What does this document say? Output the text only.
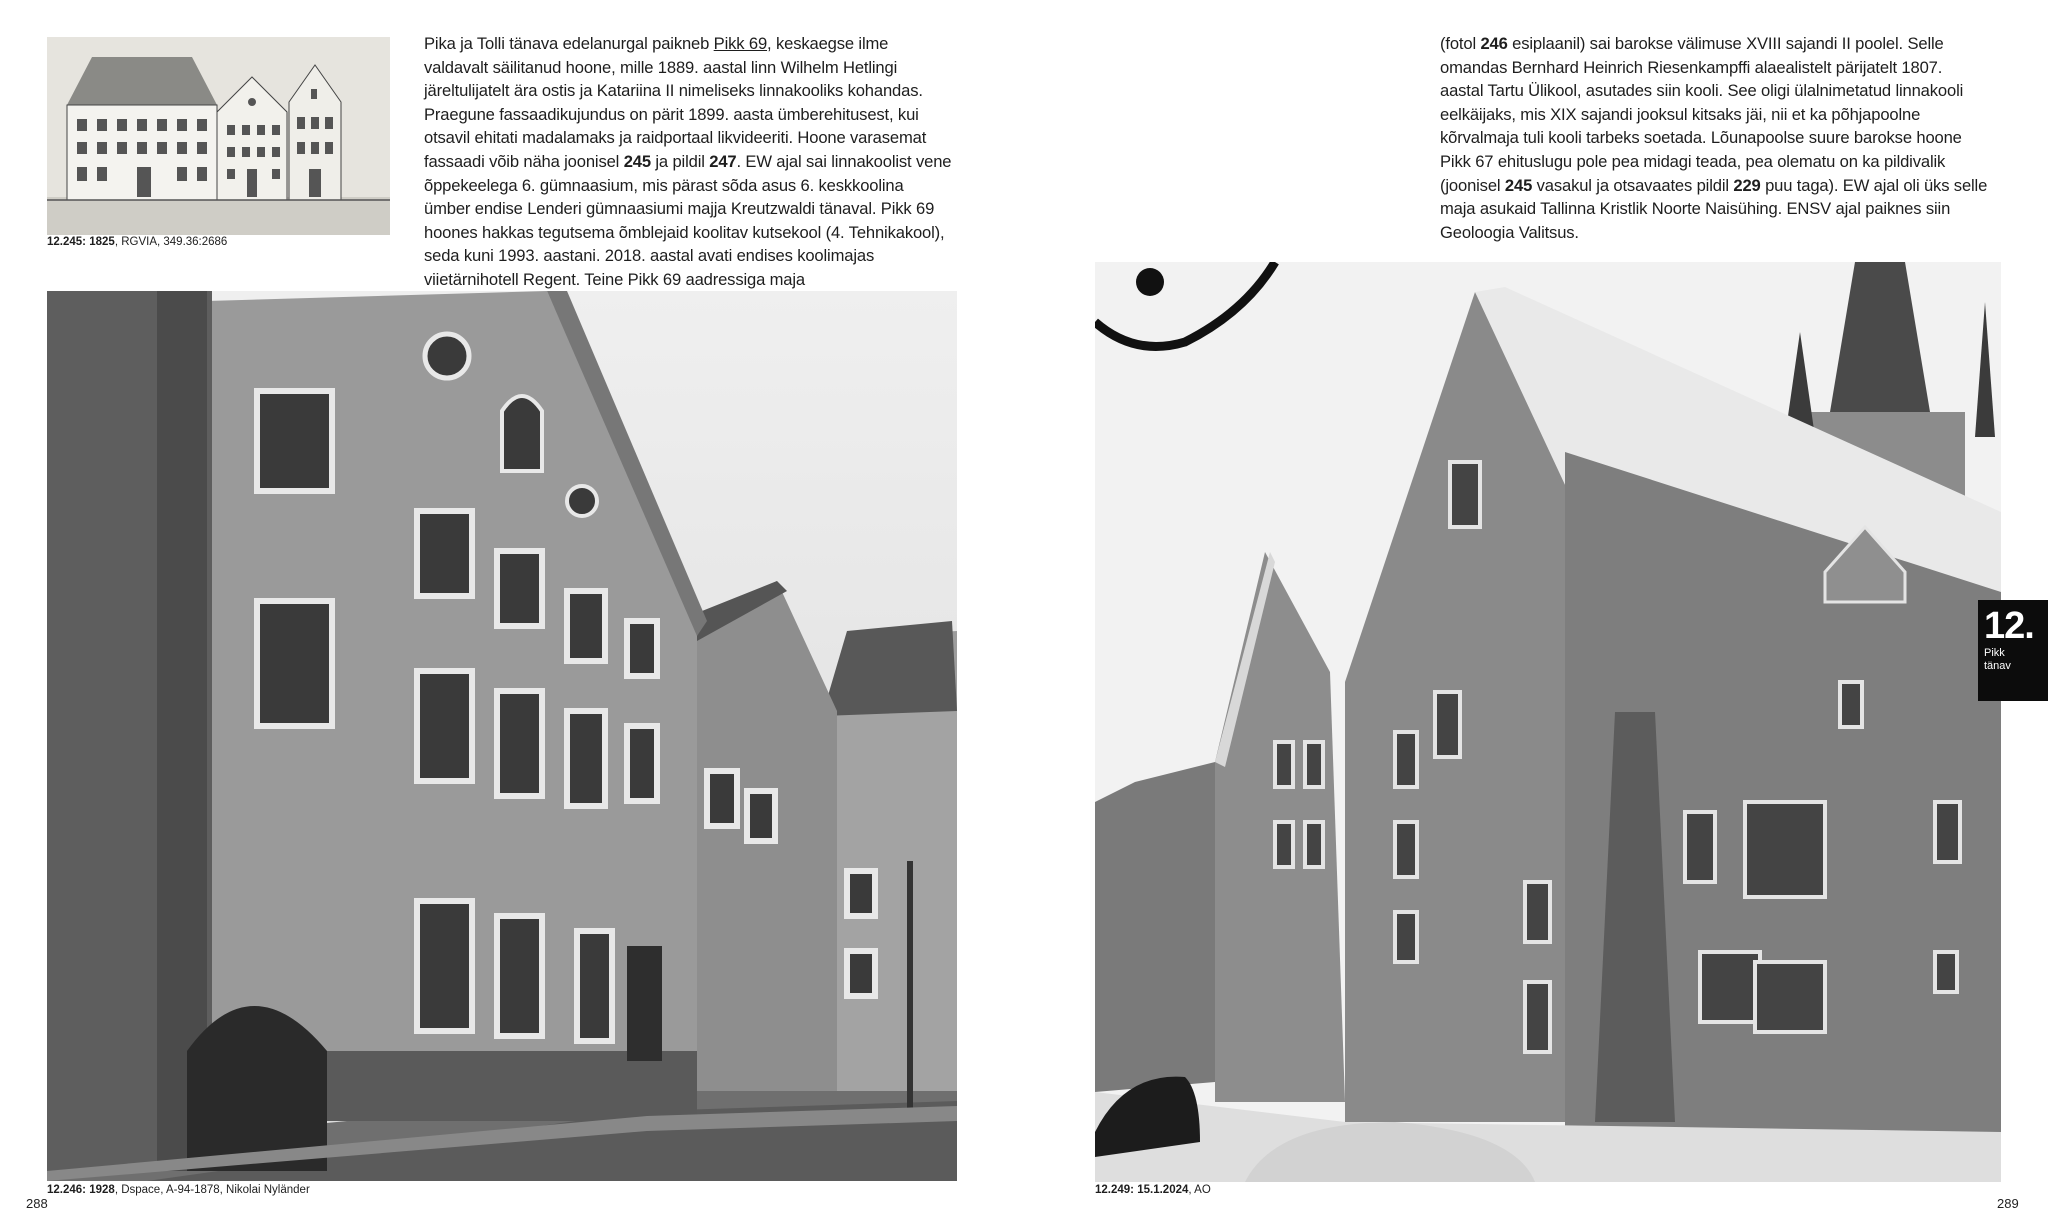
12.245: 1825, RGVIA, 349.36:2686
Pika ja Tolli tänava edelanurgal paikneb Pikk 69, keskaegse ilme valdavalt säilitanud hoone, mille 1889. aastal linn Wilhelm Hetlingi järeltulijatelt ära ostis ja Katariina II nimeliseks linnakooliks kohandas. Praegune fassaadikujundus on pärit 1899. aasta ümberehitusest, kui otsavil ehitati madalamaks ja raidportaal likvideeriti. Hoone varasemat fassaadi võib näha joonisel 245 ja pildil 247. EW ajal sai linnakoolist vene õppekeelega 6. gümnaasium, mis pärast sõda asus 6. keskkoolina ümber endise Lenderi gümnaasiumi majja Kreutzwaldi tänaval. Pikk 69 hoones hakkas tegutsema õmblejaid koolitav kutsekool (4. Tehnikakool), seda kuni 1993. aastani. 2018. aastal avati endises koolimajas viietärnihotell Regent. Teine Pikk 69 aadressiga maja
12.246: 1928, Dspace, A-94-1878, Nikolai Nyländer
288
(fotol 246 esiplaanil) sai barokse välimuse XVIII sajandi II poolel. Selle omandas Bernhard Heinrich Riesenkampffi alaealistelt pärijatelt 1807. aastal Tartu Ülikool, asutades siin kooli. See oligi ülalnimetatud linnakooli eelkäijaks, mis XIX sajandi jooksul kitsaks jäi, nii et ka põhjapoolne kõrvalmaja tuli kooli tarbeks soetada. Lõunapoolse suure barokse hoone Pikk 67 ehituslugu pole pea midagi teada, pea olematu on ka pildivalik (joonisel 245 vasakul ja otsavaates pildil 229 puu taga). EW ajal oli üks selle maja asukaid Tallinna Kristlik Noorte Naisühing. ENSV ajal paiknes siin Geoloogia Valitsus.
12.249: 15.1.2024, AO
289
12.
Pikk
tänav
